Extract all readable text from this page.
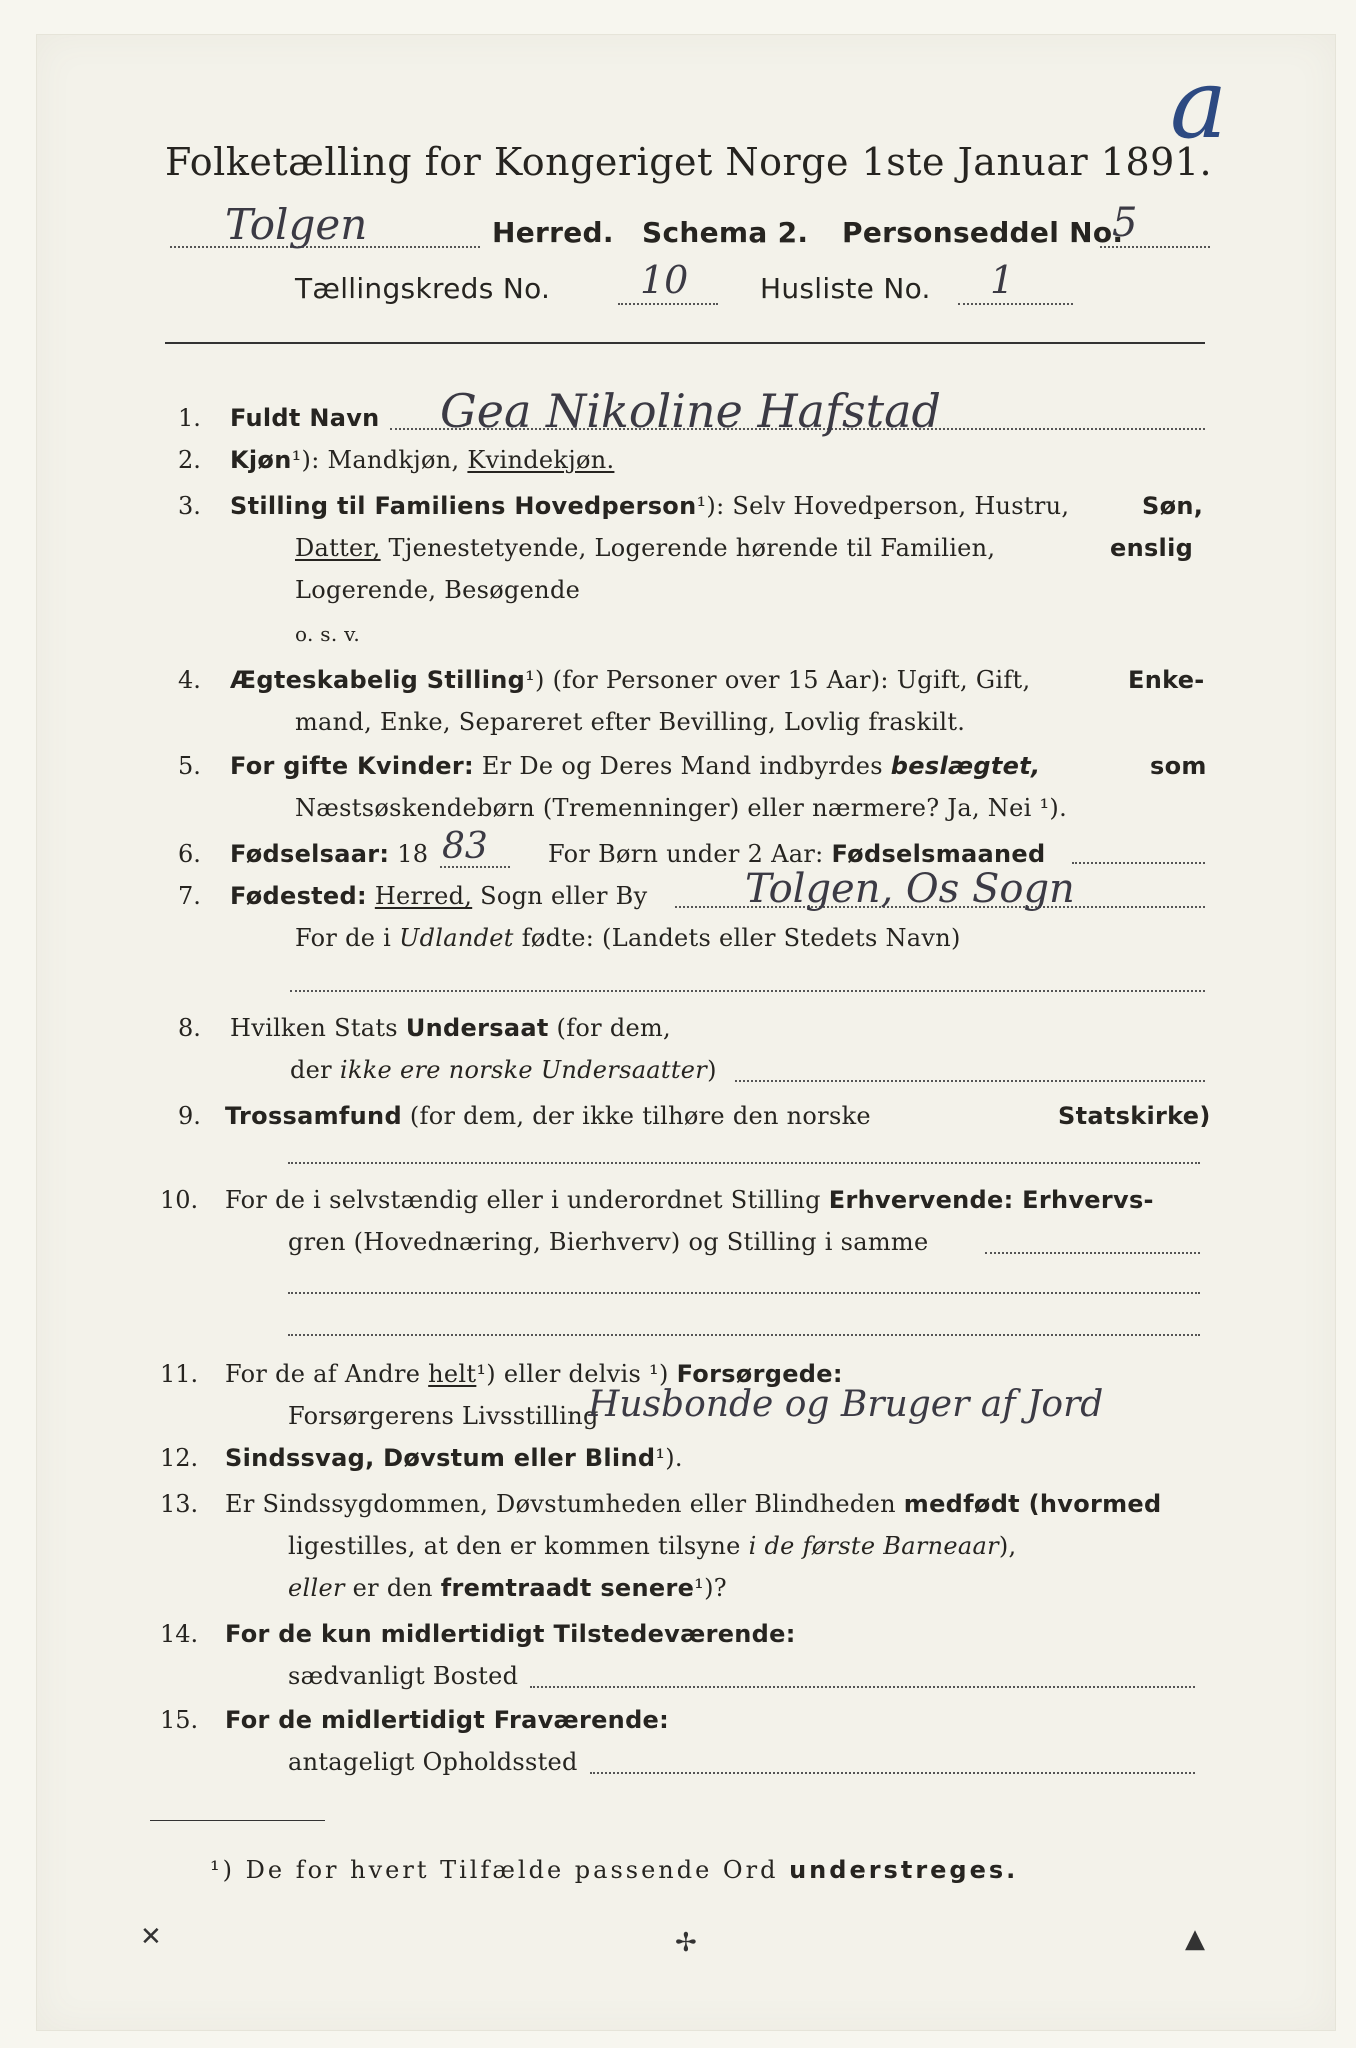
a
Folketælling for Kongeriget Norge 1ste Januar 1891.
Tolgen	Herred. Schema 2. Personseddel No.
5
Tællingskreds No. 10	Husliste No. 1
1. Fuldt Navn Gea Nikoline Hafstad
2. Kjøn¹): Mandkjøn, Kvindekjøn.
3. Stilling til Familiens Hovedperson¹): Selv Hovedperson, Hustru,	Søn,
Datter, Tjenestetyende, Logerende hørende til Familien,	enslig
Logerende, Besøgende
o. s. v.
4. Ægteskabelig Stilling¹) (for Personer over 15 Aar): Ugift, Gift,	Enke-
mand, Enke, Separeret efter Bevilling, Lovlig fraskilt.
5. For gifte Kvinder: Er De og Deres Mand indbyrdes beslægtet,	som
Næstsøskendebørn (Tremenninger) eller nærmere? Ja, Nei ¹).
6. Fødselsaar: 18 83	For Børn under 2 Aar: Fødselsmaaned
7. Fødested: Herred, Sogn eller By Tolgen, Os Sogn
For de i Udlandet fødte: (Landets eller Stedets Navn)
8. Hvilken Stats Undersaat (for dem,
der ikke ere norske Undersaatter)
9. Trossamfund (for dem, der ikke tilhøre den norske	Statskirke)
10. For de i selvstændig eller i underordnet Stilling Erhvervende: Erhvervs-
gren (Hovednæring, Bierhverv) og Stilling i samme
11. For de af Andre helt¹) eller delvis ¹) Forsørgede:
Forsørgerens Livsstilling
Husbonde og Bruger af Jord
12. Sindssvag, Døvstum eller Blind¹).
13. Er Sindssygdommen, Døvstumheden eller Blindheden medfødt (hvormed
ligestilles, at den er kommen tilsyne i de første Barneaar),
eller er den fremtraadt senere¹)?
14. For de kun midlertidigt Tilstedeværende:
sædvanligt Bosted
15. For de midlertidigt Fraværende:
antageligt Opholdssted
¹) De for hvert Tilfælde passende Ord understreges.
✕	✢	▲
